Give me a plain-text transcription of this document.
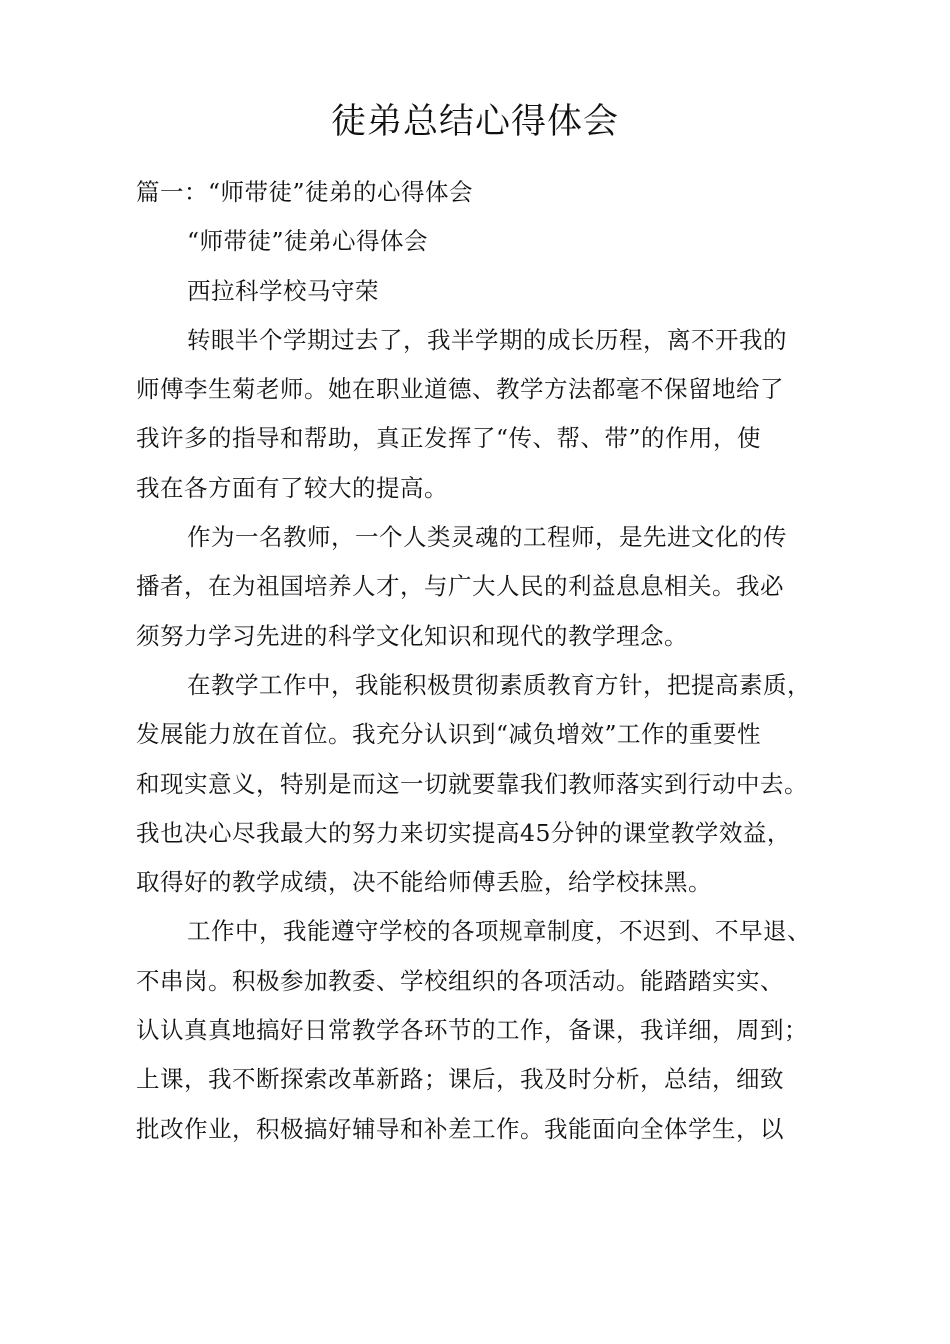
徒弟总结心得体会
篇一：“师带徒”徒弟的心得体会
“师带徒”徒弟心得体会
西拉科学校马守荣
转眼半个学期过去了，我半学期的成长历程，离不开我的
师傅李生菊老师。她在职业道德、教学方法都毫不保留地给了
我许多的指导和帮助，真正发挥了“传、帮、带”的作用，使
我在各方面有了较大的提高。
作为一名教师，一个人类灵魂的工程师，是先进文化的传
播者，在为祖国培养人才，与广大人民的利益息息相关。我必
须努力学习先进的科学文化知识和现代的教学理念。
在教学工作中，我能积极贯彻素质教育方针，把提高素质，
发展能力放在首位。我充分认识到“减负增效”工作的重要性
和现实意义，特别是而这一切就要靠我们教师落实到行动中去。
我也决心尽我最大的努力来切实提高45分钟的课堂教学效益，
取得好的教学成绩，决不能给师傅丢脸，给学校抹黑。
工作中，我能遵守学校的各项规章制度，不迟到、不早退、
不串岗。积极参加教委、学校组织的各项活动。能踏踏实实、
认认真真地搞好日常教学各环节的工作，备课，我详细，周到；
上课，我不断探索改革新路；课后，我及时分析，总结，细致
批改作业，积极搞好辅导和补差工作。我能面向全体学生，以
